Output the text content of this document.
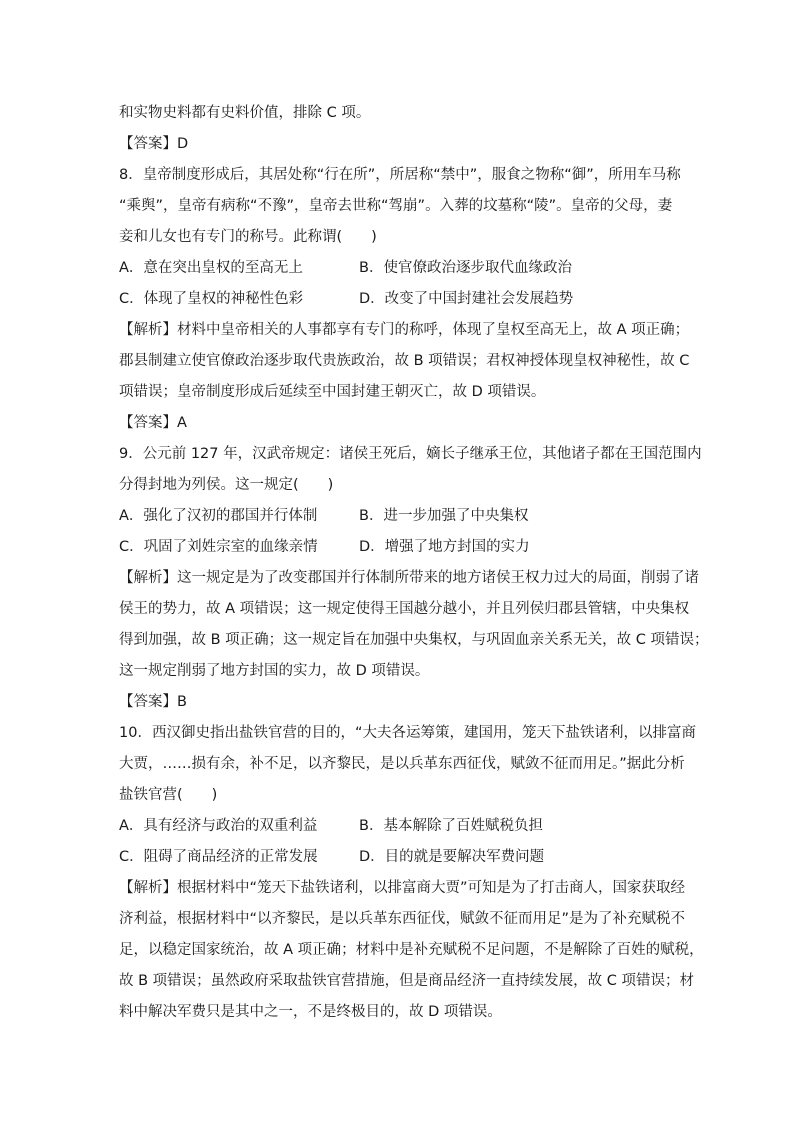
和实物史料都有史料价值，排除 C 项。
【答案】D
8．皇帝制度形成后，其居处称“行在所”，所居称“禁中”，服食之物称“御”，所用车马称
“乘舆”，皇帝有病称“不豫”，皇帝去世称“驾崩”。入葬的坟墓称“陵”。皇帝的父母，妻
妾和儿女也有专门的称号。此称谓(　　)
A．意在突出皇权的至高无上	B．使官僚政治逐步取代血缘政治
C．体现了皇权的神秘性色彩	D．改变了中国封建社会发展趋势
【解析】材料中皇帝相关的人事都享有专门的称呼，体现了皇权至高无上，故 A 项正确；
郡县制建立使官僚政治逐步取代贵族政治，故 B 项错误；君权神授体现皇权神秘性，故 C
项错误；皇帝制度形成后延续至中国封建王朝灭亡，故 D 项错误。
【答案】A
9．公元前 127 年，汉武帝规定：诸侯王死后，嫡长子继承王位，其他诸子都在王国范围内
分得封地为列侯。这一规定(　　)
A．强化了汉初的郡国并行体制	B．进一步加强了中央集权
C．巩固了刘姓宗室的血缘亲情	D．增强了地方封国的实力
【解析】这一规定是为了改变郡国并行体制所带来的地方诸侯王权力过大的局面，削弱了诸
侯王的势力，故 A 项错误；这一规定使得王国越分越小，并且列侯归郡县管辖，中央集权
得到加强，故 B 项正确；这一规定旨在加强中央集权，与巩固血亲关系无关，故 C 项错误；
这一规定削弱了地方封国的实力，故 D 项错误。
【答案】B
10．西汉御史指出盐铁官营的目的，“大夫各运筹策，建国用，笼天下盐铁诸利，以排富商
大贾，……损有余，补不足，以齐黎民，是以兵革东西征伐，赋敛不征而用足。”据此分析
盐铁官营(　　)
A．具有经济与政治的双重利益	B．基本解除了百姓赋税负担
C．阻碍了商品经济的正常发展	D．目的就是要解决军费问题
【解析】根据材料中“笼天下盐铁诸利，以排富商大贾”可知是为了打击商人，国家获取经
济利益，根据材料中“以齐黎民，是以兵革东西征伐，赋敛不征而用足”是为了补充赋税不
足，以稳定国家统治，故 A 项正确；材料中是补充赋税不足问题，不是解除了百姓的赋税，
故 B 项错误；虽然政府采取盐铁官营措施，但是商品经济一直持续发展，故 C 项错误；材
料中解决军费只是其中之一，不是终极目的，故 D 项错误。
